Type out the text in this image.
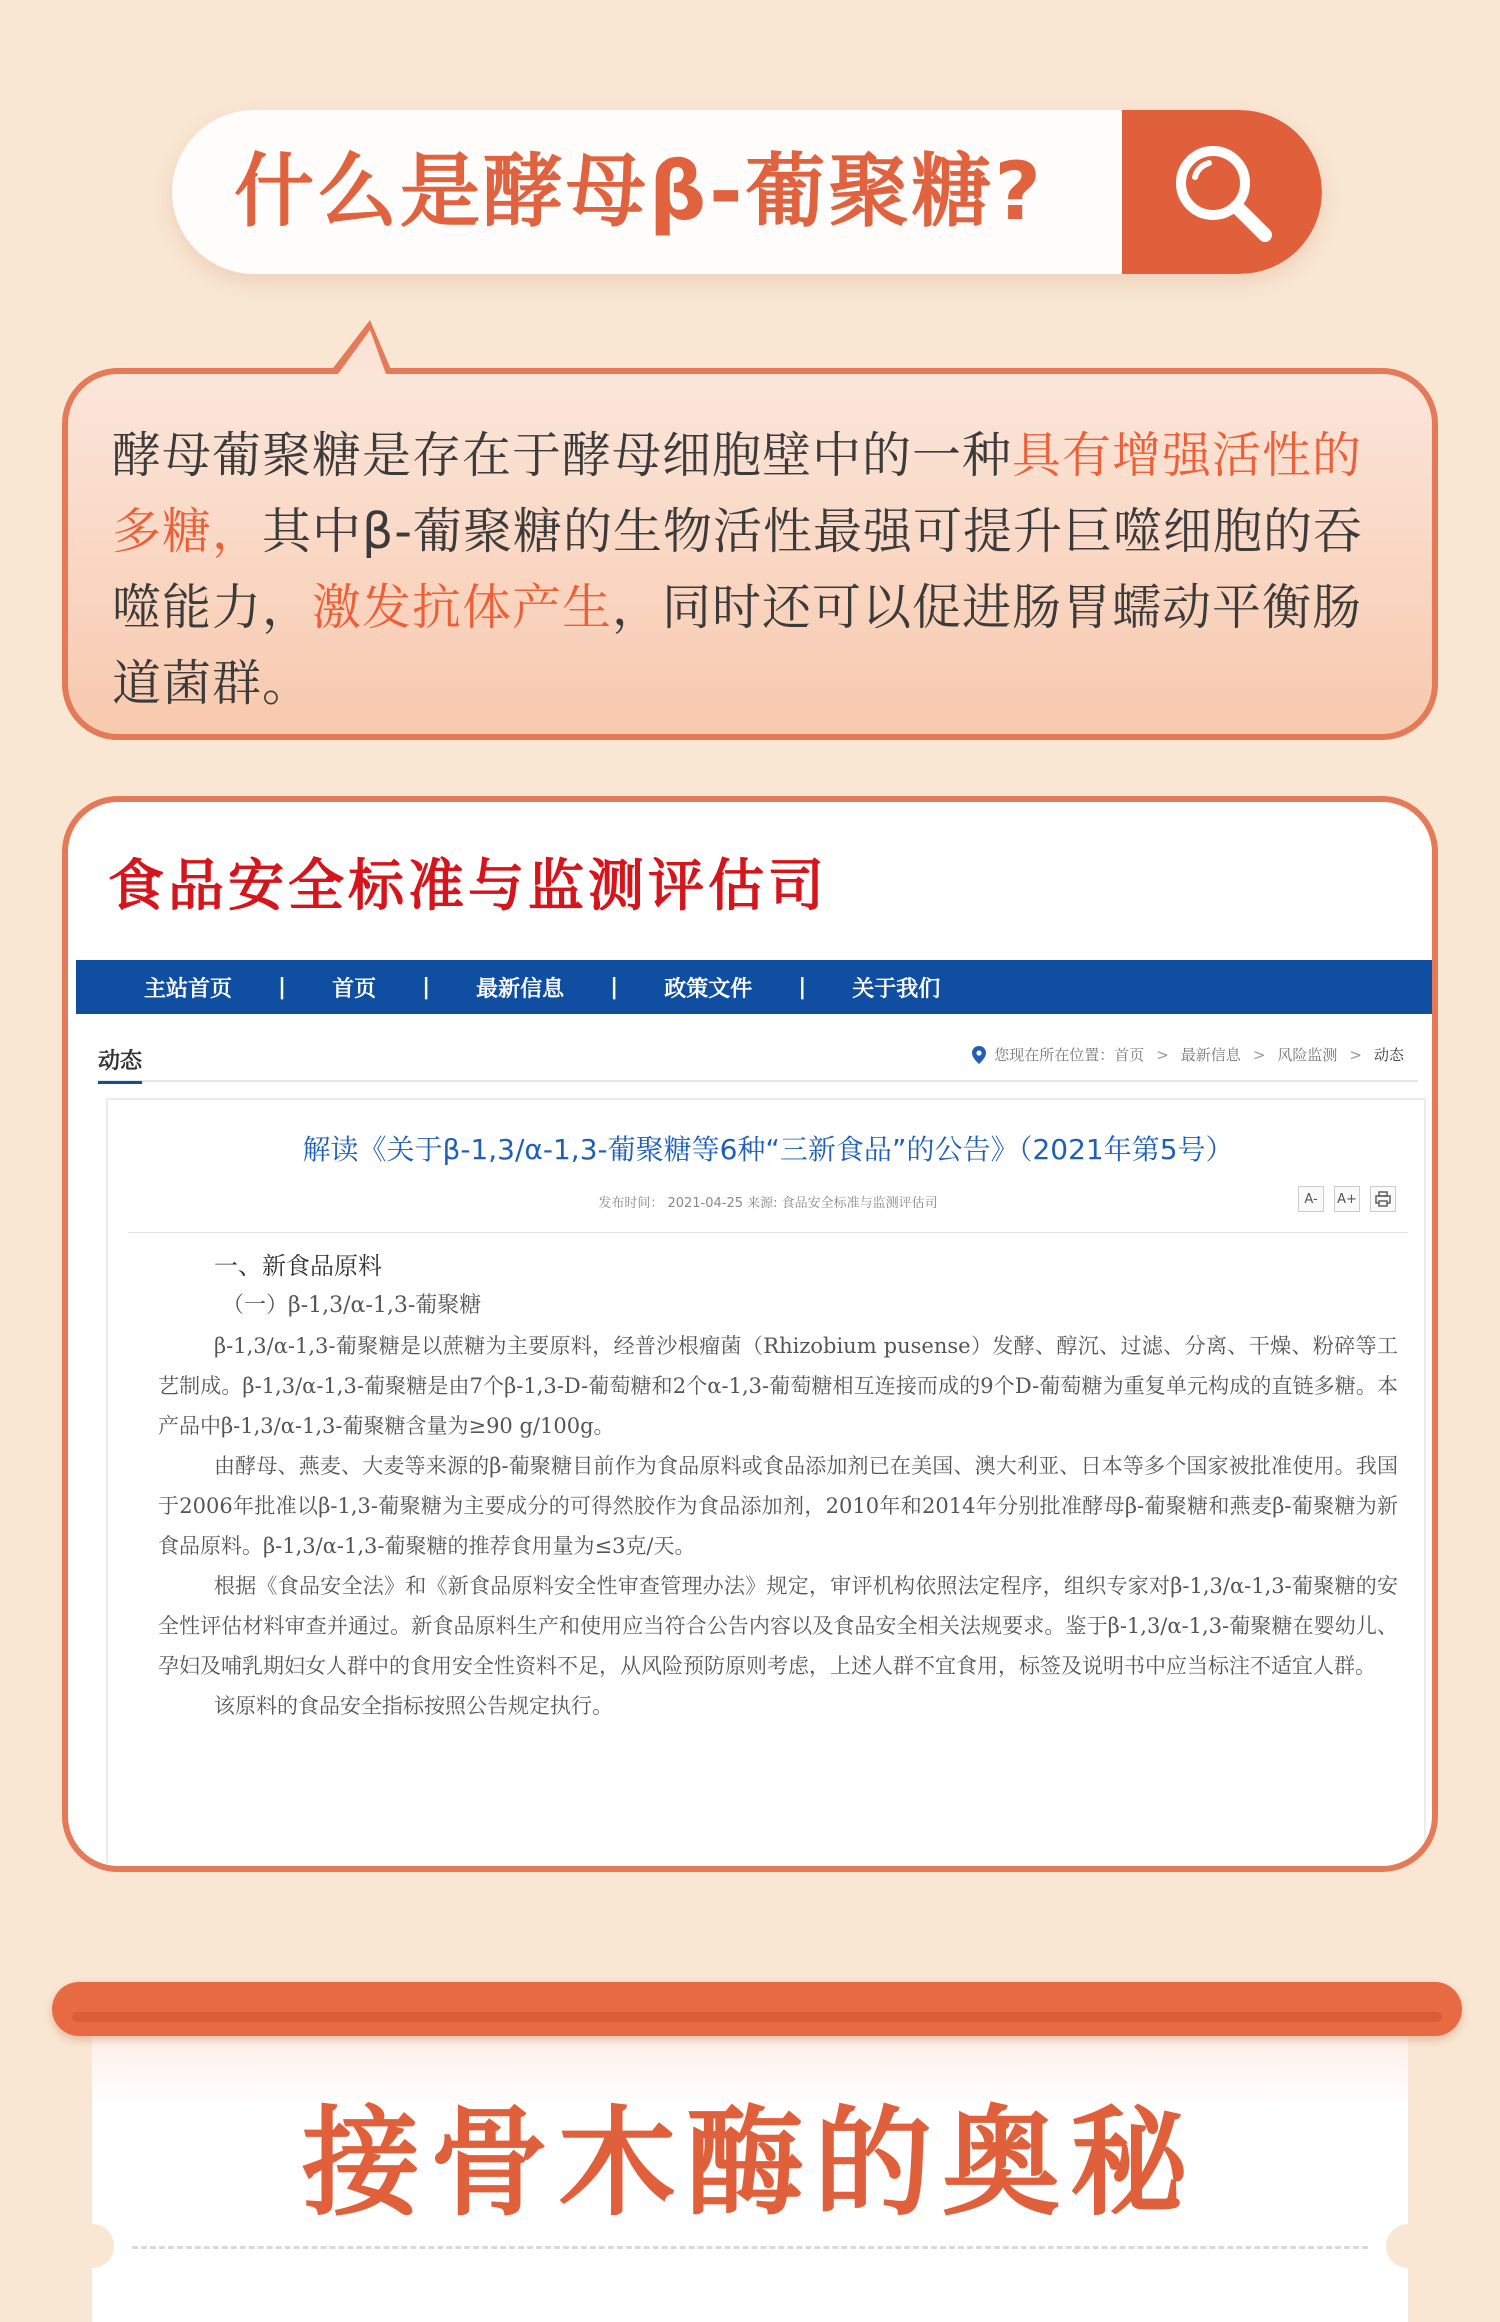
什么是酵母β-葡聚糖?
酵母葡聚糖是存在于酵母细胞壁中的一种具有增强活性的多糖，其中β-葡聚糖的生物活性最强可提升巨噬细胞的吞噬能力，激发抗体产生，同时还可以促进肠胃蠕动平衡肠道菌群。
食品安全标准与监测评估司
主站首页	|	首页	|	最新信息	|	政策文件	|	关于我们
动态	您现在所在位置： 首页 > 最新信息 > 风险监测 > 动态
解读《关于β-1,3/α-1,3-葡聚糖等6种“三新食品”的公告》（2021年第5号）
发布时间： 2021-04-25 来源: 食品安全标准与监测评估司	A-	A+
一、新食品原料
（一）β-1,3/α-1,3-葡聚糖

β-1,3/α-1,3-葡聚糖是以蔗糖为主要原料，经普沙根瘤菌（Rhizobium pusense）发酵、醇沉、过滤、分离、干燥、粉碎等工艺制成。β-1,3/α-1,3-葡聚糖是由7个β-1,3-D-葡萄糖和2个α-1,3-葡萄糖相互连接而成的9个D-葡萄糖为重复单元构成的直链多糖。本产品中β-1,3/α-1,3-葡聚糖含量为≥90 g/100g。

由酵母、燕麦、大麦等来源的β-葡聚糖目前作为食品原料或食品添加剂已在美国、澳大利亚、日本等多个国家被批准使用。我国于2006年批准以β-1,3-葡聚糖为主要成分的可得然胶作为食品添加剂，2010年和2014年分别批准酵母β-葡聚糖和燕麦β-葡聚糖为新食品原料。β-1,3/α-1,3-葡聚糖的推荐食用量为≤3克/天。

根据《食品安全法》和《新食品原料安全性审查管理办法》规定，审评机构依照法定程序，组织专家对β-1,3/α-1,3-葡聚糖的安全性评估材料审查并通过。新食品原料生产和使用应当符合公告内容以及食品安全相关法规要求。鉴于β-1,3/α-1,3-葡聚糖在婴幼儿、孕妇及哺乳期妇女人群中的食用安全性资料不足，从风险预防原则考虑，上述人群不宜食用，标签及说明书中应当标注不适宜人群。

该原料的食品安全指标按照公告规定执行。

接骨木酶的奥秘
